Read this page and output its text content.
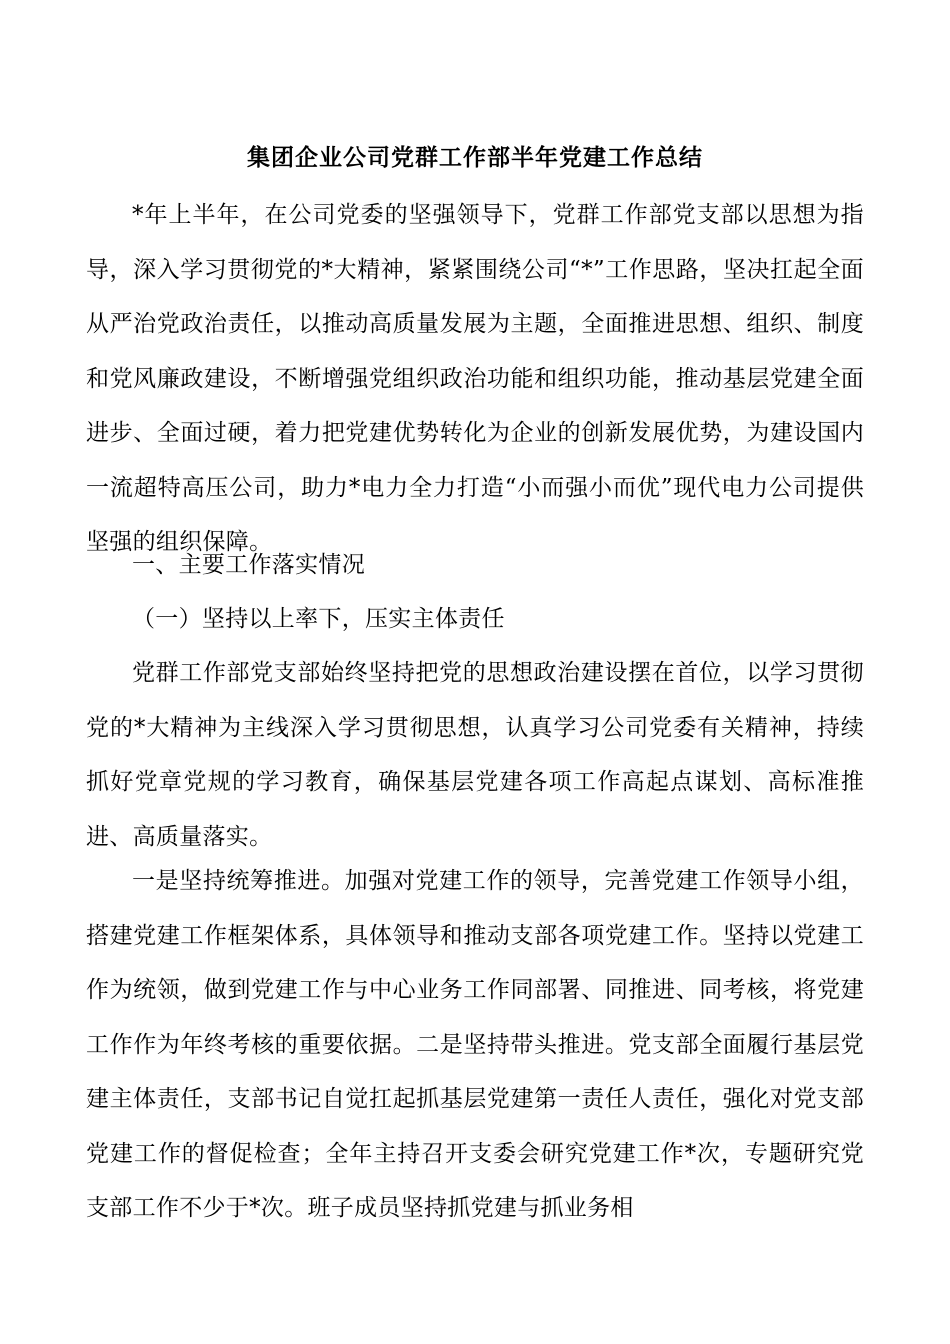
集团企业公司党群工作部半年党建工作总结

*年上半年，在公司党委的坚强领导下，党群工作部党支部以思想为指导，深入学习贯彻党的*大精神，紧紧围绕公司“*”工作思路，坚决扛起全面从严治党政治责任，以推动高质量发展为主题，全面推进思想、组织、制度和党风廉政建设，不断增强党组织政治功能和组织功能，推动基层党建全面进步、全面过硬，着力把党建优势转化为企业的创新发展优势，为建设国内一流超特高压公司，助力*电力全力打造“小而强小而优”现代电力公司提供坚强的组织保障。

一、主要工作落实情况

（一）坚持以上率下，压实主体责任

党群工作部党支部始终坚持把党的思想政治建设摆在首位，以学习贯彻党的*大精神为主线深入学习贯彻思想，认真学习公司党委有关精神，持续抓好党章党规的学习教育，确保基层党建各项工作高起点谋划、高标准推进、高质量落实。

一是坚持统筹推进。加强对党建工作的领导，完善党建工作领导小组，搭建党建工作框架体系，具体领导和推动支部各项党建工作。坚持以党建工作为统领，做到党建工作与中心业务工作同部署、同推进、同考核，将党建工作作为年终考核的重要依据。二是坚持带头推进。党支部全面履行基层党建主体责任，支部书记自觉扛起抓基层党建第一责任人责任，强化对党支部党建工作的督促检查；全年主持召开支委会研究党建工作*次，专题研究党支部工作不少于*次。班子成员坚持抓党建与抓业务相
